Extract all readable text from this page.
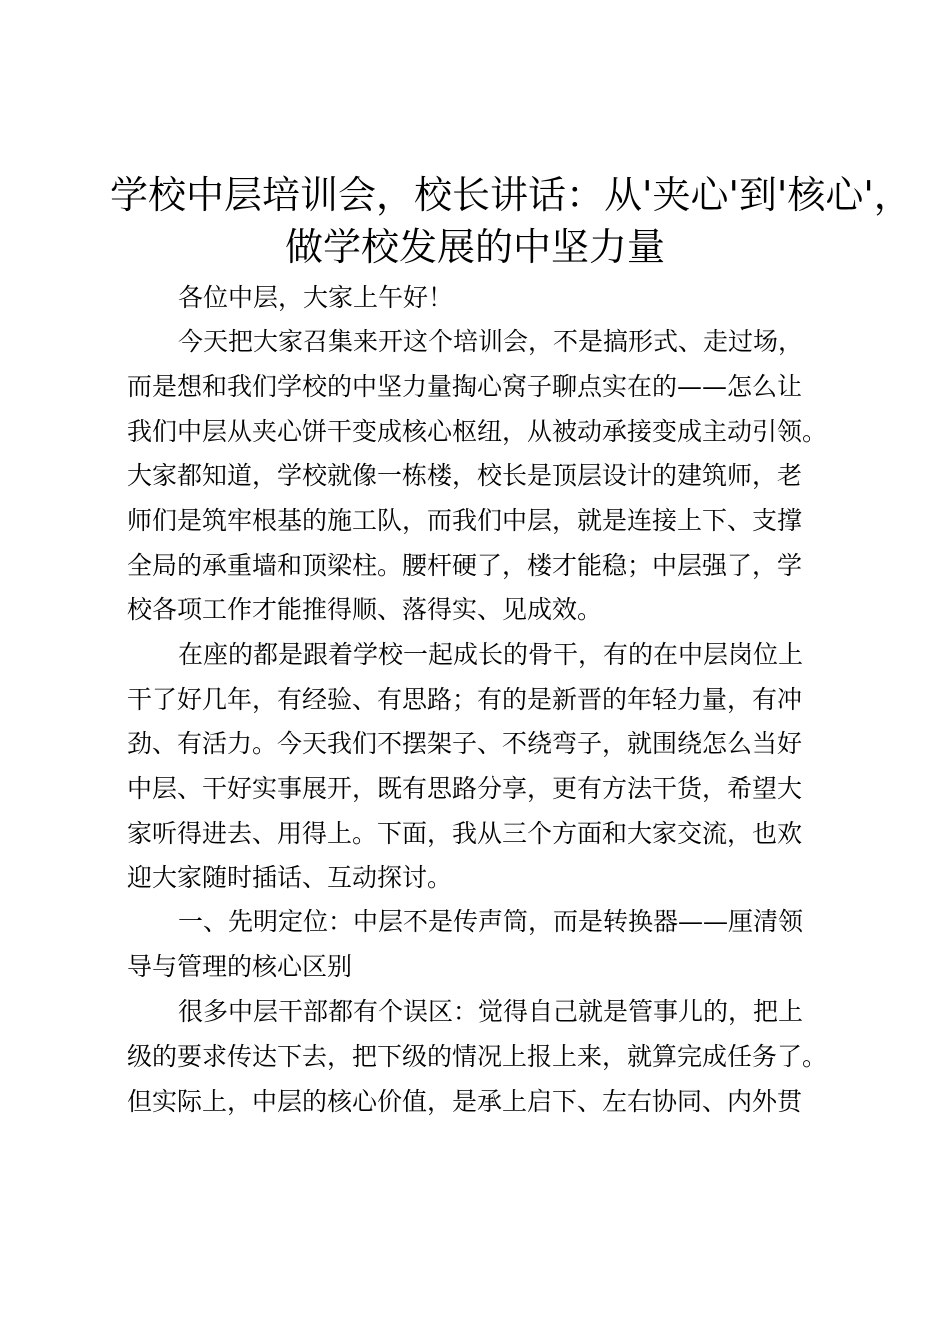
学校中层培训会，校长讲话：从'夹心'到'核心'，
做学校发展的中坚力量
各位中层，大家上午好！
今天把大家召集来开这个培训会，不是搞形式、走过场，
而是想和我们学校的中坚力量掏心窝子聊点实在的——怎么让
我们中层从夹心饼干变成核心枢纽，从被动承接变成主动引领。
大家都知道，学校就像一栋楼，校长是顶层设计的建筑师，老
师们是筑牢根基的施工队，而我们中层，就是连接上下、支撑
全局的承重墙和顶梁柱。腰杆硬了，楼才能稳；中层强了，学
校各项工作才能推得顺、落得实、见成效。
在座的都是跟着学校一起成长的骨干，有的在中层岗位上
干了好几年，有经验、有思路；有的是新晋的年轻力量，有冲
劲、有活力。今天我们不摆架子、不绕弯子，就围绕怎么当好
中层、干好实事展开，既有思路分享，更有方法干货，希望大
家听得进去、用得上。下面，我从三个方面和大家交流，也欢
迎大家随时插话、互动探讨。
一、先明定位：中层不是传声筒，而是转换器——厘清领
导与管理的核心区别
很多中层干部都有个误区：觉得自己就是管事儿的，把上
级的要求传达下去，把下级的情况上报上来，就算完成任务了。
但实际上，中层的核心价值，是承上启下、左右协同、内外贯
